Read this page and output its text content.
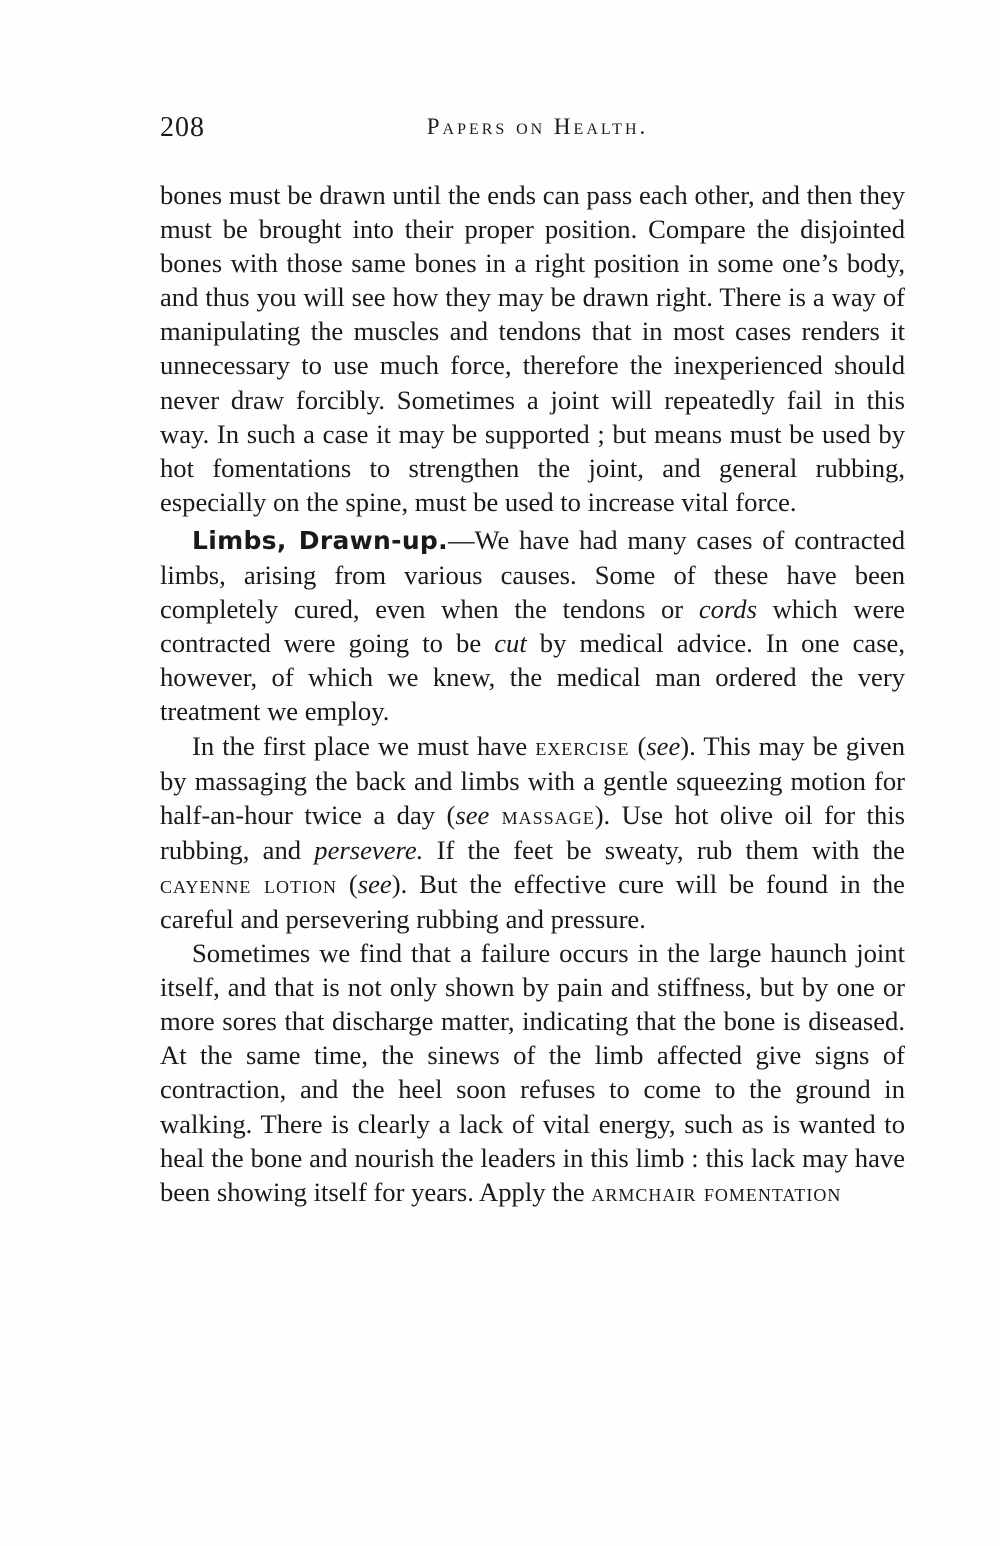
208	Papers on Health.

bones must be drawn until the ends can pass each other, and then they must be brought into their proper position. Compare the disjointed bones with those same bones in a right position in some one’s body, and thus you will see how they may be drawn right. There is a way of manipulating the muscles and tendons that in most cases renders it unnecessary to use much force, therefore the inexperienced should never draw forcibly. Sometimes a joint will repeatedly fail in this way. In such a case it may be supported ; but means must be used by hot fomentations to strengthen the joint, and general rubbing, especially on the spine, must be used to increase vital force.

Limbs, Drawn-up.—We have had many cases of contracted limbs, arising from various causes. Some of these have been completely cured, even when the tendons or cords which were contracted were going to be cut by medical advice. In one case, however, of which we knew, the medical man ordered the very treatment we employ.

In the first place we must have exercise (see). This may be given by massaging the back and limbs with a gentle squeezing motion for half-an-hour twice a day (see massage). Use hot olive oil for this rubbing, and persevere. If the feet be sweaty, rub them with the cayenne lotion (see). But the effective cure will be found in the careful and persevering rubbing and pressure.

Sometimes we find that a failure occurs in the large haunch joint itself, and that is not only shown by pain and stiffness, but by one or more sores that discharge matter, indicating that the bone is diseased. At the same time, the sinews of the limb affected give signs of contraction, and the heel soon refuses to come to the ground in walking. There is clearly a lack of vital energy, such as is wanted to heal the bone and nourish the leaders in this limb : this lack may have been showing itself for years. Apply the armchair fomentation
